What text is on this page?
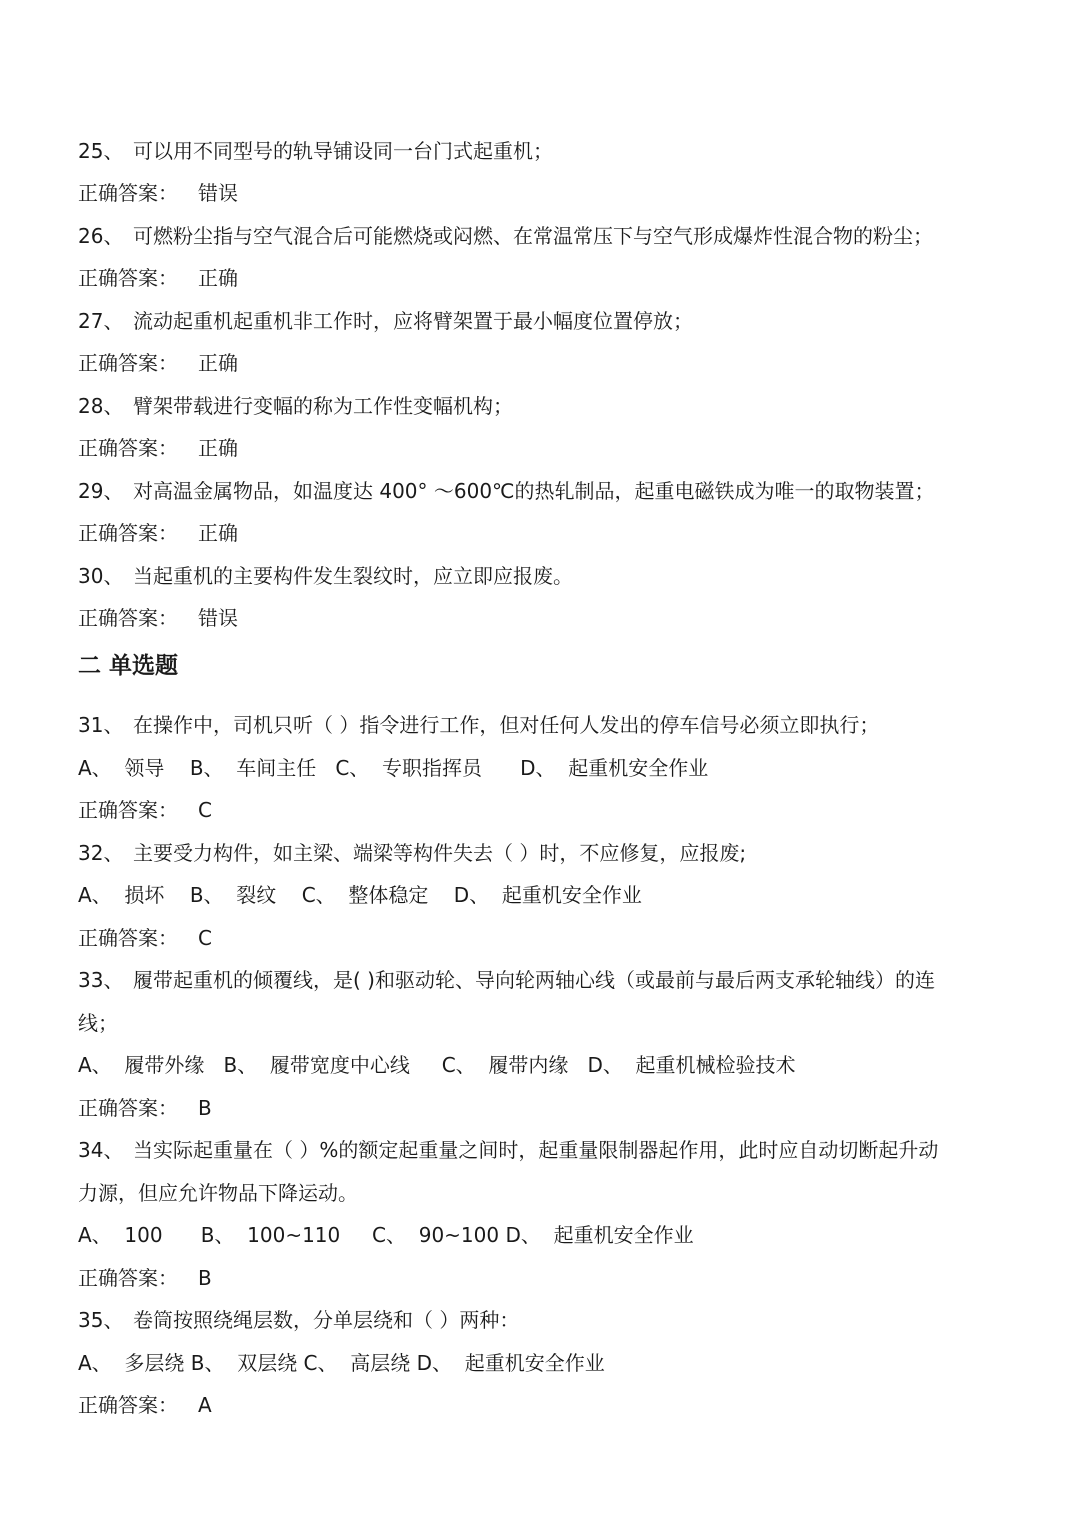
25、 可以用不同型号的轨导铺设同一台门式起重机；
正确答案： 错误
26、 可燃粉尘指与空气混合后可能燃烧或闷燃、在常温常压下与空气形成爆炸性混合物的粉尘；
正确答案： 正确
27、 流动起重机起重机非工作时，应将臂架置于最小幅度位置停放；
正确答案： 正确
28、 臂架带载进行变幅的称为工作性变幅机构；
正确答案： 正确
29、 对高温金属物品，如温度达 400° ～600℃的热轧制品，起重电磁铁成为唯一的取物装置；
正确答案： 正确
30、 当起重机的主要构件发生裂纹时，应立即应报废。
正确答案： 错误
二 单选题
31、 在操作中，司机只听（ ）指令进行工作，但对任何人发出的停车信号必须立即执行；
A、  领导    B、  车间主任   C、  专职指挥员      D、  起重机安全作业
正确答案： C
32、 主要受力构件，如主梁、端梁等构件失去（ ）时，不应修复，应报废;
A、  损坏    B、  裂纹    C、  整体稳定    D、  起重机安全作业
正确答案： C
33、 履带起重机的倾覆线，是( )和驱动轮、导向轮两轴心线（或最前与最后两支承轮轴线）的连
线；
A、  履带外缘   B、  履带宽度中心线     C、  履带内缘   D、  起重机械检验技术
正确答案： B
34、 当实际起重量在（ ）%的额定起重量之间时，起重量限制器起作用，此时应自动切断起升动
力源，但应允许物品下降运动。
A、  100      B、  100~110     C、  90~100 D、  起重机安全作业
正确答案： B
35、 卷筒按照绕绳层数，分单层绕和（ ）两种：
A、  多层绕 B、  双层绕 C、  高层绕 D、  起重机安全作业
正确答案： A
